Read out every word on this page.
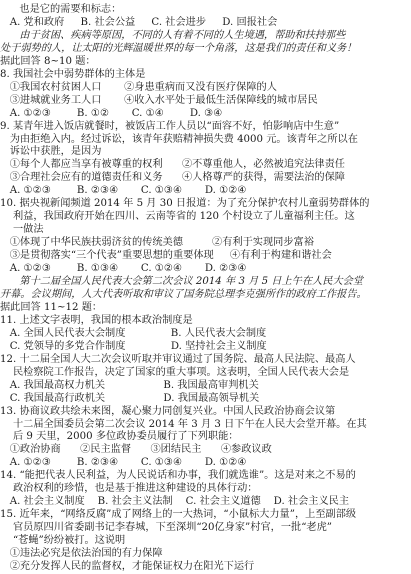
也是它的需要和标志：
A. 党和政府     B. 社会公益     C. 社会进步     D. 回报社会
由于贫困、疾病等原因，不同的人有着不同的人生境遇，帮助和扶持那些
处于弱势的人，让太阳的光辉温暖世界的每一个角落，这是我们的责任和义务！
据此回答 8~10 题：
8. 我国社会中弱势群体的主体是
①我国农村贫困人口       ②身患重病而又没有医疗保障的人
③进城就业务工人口       ④收入水平处于最低生活保障线的城市居民
A. ①②③        B. ①②       C. ①④        D. ③④
9. 某青年进入饭店就餐时，被饭店工作人员以“面容不好，怕影响店中生意”
为由拒绝入内。经过诉讼，该青年获赔精神损失费 4000 元。该青年之所以在
诉讼中获胜，是因为
①每个人都应当享有被尊重的权利      ②不尊重他人，必然被追究法律责任
③合理社会应有的道德责任和义务      ④人格尊严的获得，需要法治的保障
A. ①②③        B. ②③④       C. ①③④       D. ①②④
10. 据央视新闻频道 2014 年 5 月 30 日报道：为了充分保护农村儿童弱势群体的
利益，我国政府开始在四川、云南等省的 120 个村设立了儿童福利主任。这
一做法
①体现了中华民族扶弱济贫的传统美德         ②有利于实现同步富裕
③是贯彻落实“三个代表”重要思想的重要体现     ④有利于构建和谐社会
A. ①②③        B. ①③④       C. ①②④       D. ②③④
第十二届全国人民代表大会第二次会议 2014 年 3 月 5 日上午在人民大会堂
开幕。会议期间，人大代表听取和审议了国务院总理李克强所作的政府工作报告。
据此回答 11~12 题：
11. 上述文字表明，我国的根本政治制度是
A. 全国人民代表大会制度              B. 人民代表大会制度
C. 党领导的多党合作制度              D. 坚持社会主义制度
12. 十二届全国人大二次会议听取并审议通过了国务院、最高人民法院、最高人
民检察院工作报告，决定了国家的重大事项。这表明，全国人民代表大会是
A. 我国最高权力机关                  B. 我国最高审判机关
C. 我国最高行政机关                  D. 我国最高领导机关
13. 协商议政共绘未来图，凝心聚力同创复兴业。中国人民政治协商会议第
十二届全国委员会第二次会议 2014 年 3 月 3 日下午在人民大会堂开幕。在其
后 9 天里，2000 多位政协委员履行了下列职能：
①政治协商      ②民主监督      ③团结民主      ④参政议政
A. ①②③        B. ②③④       C. ①③④       D. ①②④
14. “能把代表人民利益，为人民说话和办事，我们就选谁”。这是对来之不易的
政治权利的珍惜，也是基于推进这种建设的具体行动：
A. 社会主义制度    B. 社会主义法制    C. 社会主义道德    D. 社会主义民主
15. 近年来，“网络反腐”成了网络上的一大热词，“小鼠标大力量”，上至副部级
官员原四川省委副书记李春城，下至深圳“20亿身家”村官，一批“老虎”
“苍蝇”纷纷被打。这说明
①违法必究是依法治国的有力保障
②充分发挥人民的监督权，才能保证权力在阳光下运行
